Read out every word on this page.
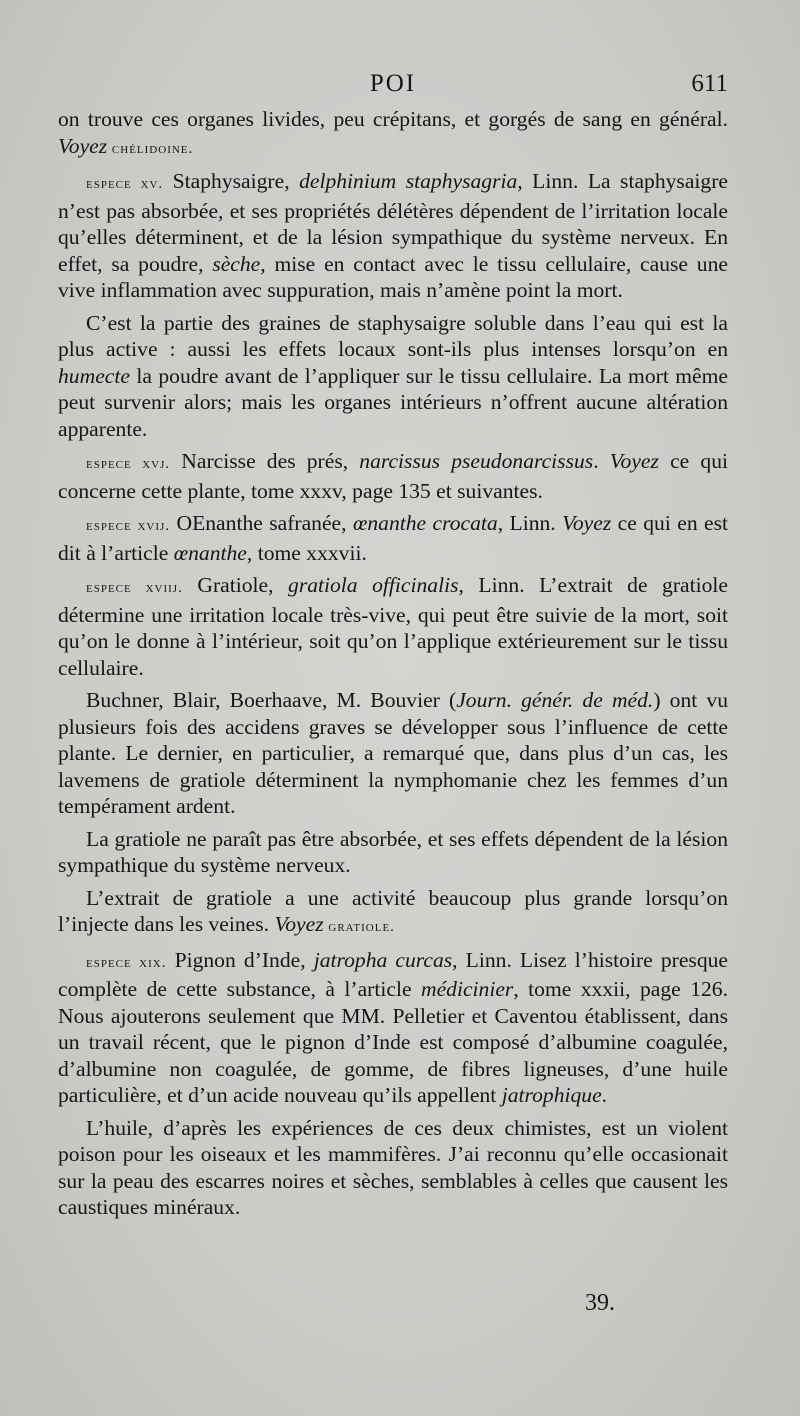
POI	611

on trouve ces organes livides, peu crépitans, et gorgés de sang en général. Voyez chélidoine.

espece xv. Staphysaigre, delphinium staphysagria, Linn. La staphysaigre n’est pas absorbée, et ses propriétés délétères dépendent de l’irritation locale qu’elles déterminent, et de la lésion sympathique du système nerveux. En effet, sa poudre, sèche, mise en contact avec le tissu cellulaire, cause une vive inflammation avec suppuration, mais n’amène point la mort.

C’est la partie des graines de staphysaigre soluble dans l’eau qui est la plus active : aussi les effets locaux sont-ils plus intenses lorsqu’on en humecte la poudre avant de l’appliquer sur le tissu cellulaire. La mort même peut survenir alors; mais les organes intérieurs n’offrent aucune altération apparente.

espece xvj. Narcisse des prés, narcissus pseudonarcissus. Voyez ce qui concerne cette plante, tome xxxv, page 135 et suivantes.

espece xvij. OEnanthe safranée, œnanthe crocata, Linn. Voyez ce qui en est dit à l’article œnanthe, tome xxxvii.

espece xviij. Gratiole, gratiola officinalis, Linn. L’extrait de gratiole détermine une irritation locale très-vive, qui peut être suivie de la mort, soit qu’on le donne à l’intérieur, soit qu’on l’applique extérieurement sur le tissu cellulaire.

Buchner, Blair, Boerhaave, M. Bouvier (Journ. génér. de méd.) ont vu plusieurs fois des accidens graves se développer sous l’influence de cette plante. Le dernier, en particulier, a remarqué que, dans plus d’un cas, les lavemens de gratiole déterminent la nymphomanie chez les femmes d’un tempérament ardent.

La gratiole ne paraît pas être absorbée, et ses effets dépendent de la lésion sympathique du système nerveux.

L’extrait de gratiole a une activité beaucoup plus grande lorsqu’on l’injecte dans les veines. Voyez gratiole.

espece xix. Pignon d’Inde, jatropha curcas, Linn. Lisez l’histoire presque complète de cette substance, à l’article médicinier, tome xxxii, page 126. Nous ajouterons seulement que MM. Pelletier et Caventou établissent, dans un travail récent, que le pignon d’Inde est composé d’albumine coagulée, d’albumine non coagulée, de gomme, de fibres ligneuses, d’une huile particulière, et d’un acide nouveau qu’ils appellent jatrophique.

L’huile, d’après les expériences de ces deux chimistes, est un violent poison pour les oiseaux et les mammifères. J’ai reconnu qu’elle occasionait sur la peau des escarres noires et sèches, semblables à celles que causent les caustiques minéraux.

39.
